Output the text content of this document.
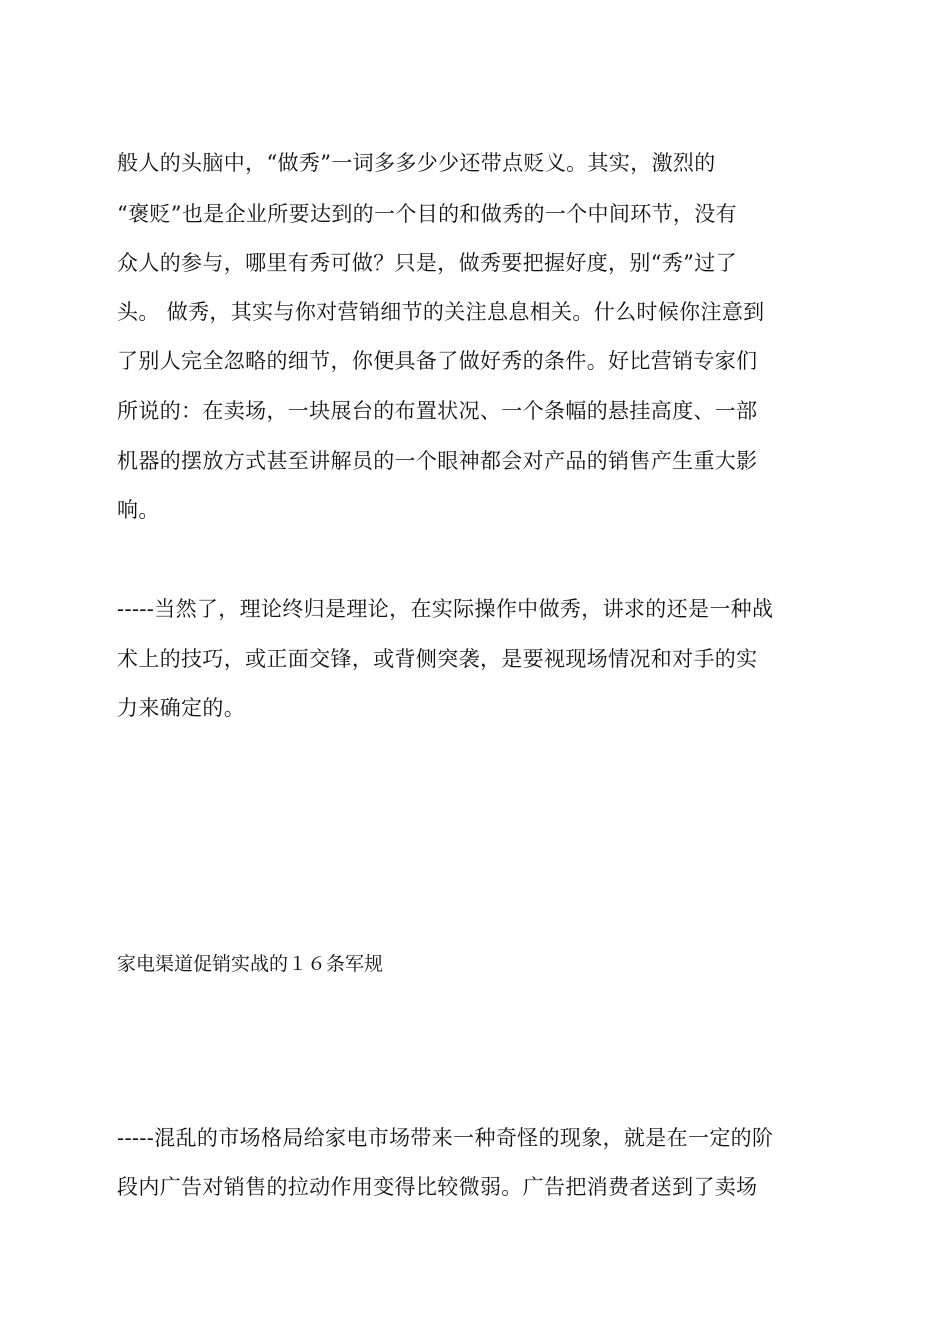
般人的头脑中，“做秀”一词多多少少还带点贬义。其实，激烈的
“褒贬”也是企业所要达到的一个目的和做秀的一个中间环节，没有
众人的参与，哪里有秀可做？只是，做秀要把握好度，别“秀”过了
头。 做秀，其实与你对营销细节的关注息息相关。什么时候你注意到
了别人完全忽略的细节，你便具备了做好秀的条件。好比营销专家们
所说的：在卖场，一块展台的布置状况、一个条幅的悬挂高度、一部
机器的摆放方式甚至讲解员的一个眼神都会对产品的销售产生重大影
响。
-----当然了，理论终归是理论，在实际操作中做秀，讲求的还是一种战
术上的技巧，或正面交锋，或背侧突袭，是要视现场情况和对手的实
力来确定的。
家电渠道促销实战的１６条军规
-----混乱的市场格局给家电市场带来一种奇怪的现象，就是在一定的阶
段内广告对销售的拉动作用变得比较微弱。广告把消费者送到了卖场
